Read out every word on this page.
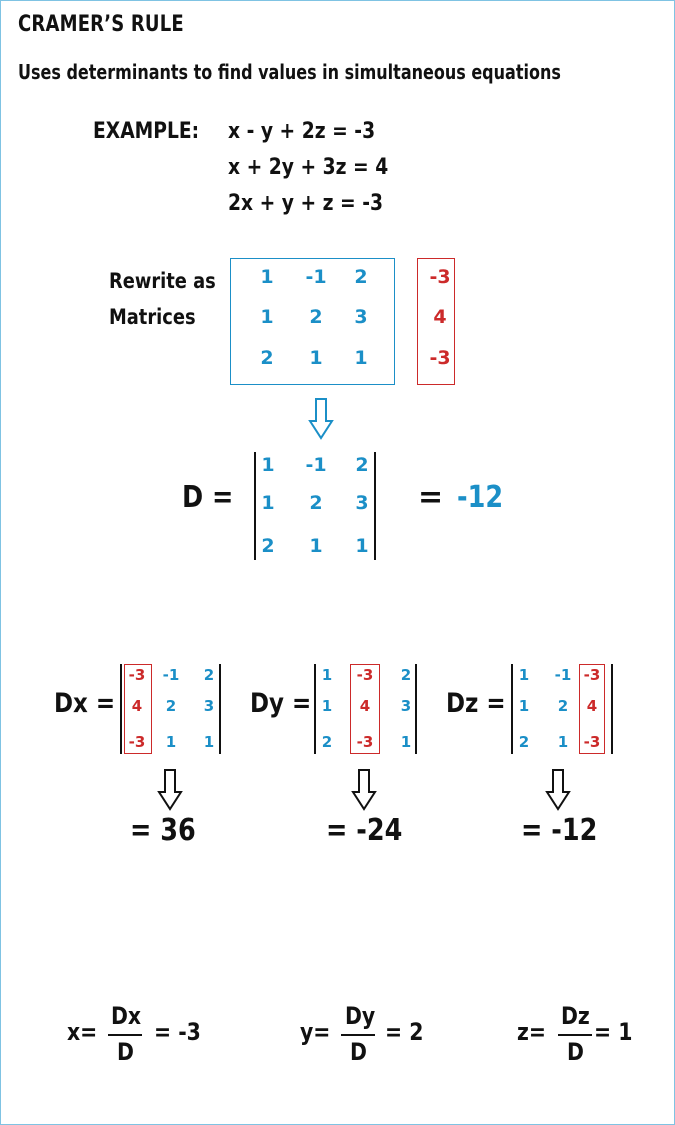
CRAMER’S RULE
Uses determinants to find values in simultaneous equations
EXAMPLE: x - y + 2z = -3
x + 2y + 3z = 4
2x + y + z = -3
Rewrite as
Matrices
1 -1 2
1 2 3
2 1 1
-3
4
-3
D =
1 -1 2
1 2 3
2 1 1
= -12
Dx =
-3 -1 2
4 2 3
-3 1 1
Dy =
1 -3 2
1 4 3
2 -3 1
Dz =
1 -1 -3
1 2 4
2 1 -3
= 36	= -24	= -12
x=
Dx
D
= -3	y=
Dy
D
= 2	z=
Dz
D
= 1
